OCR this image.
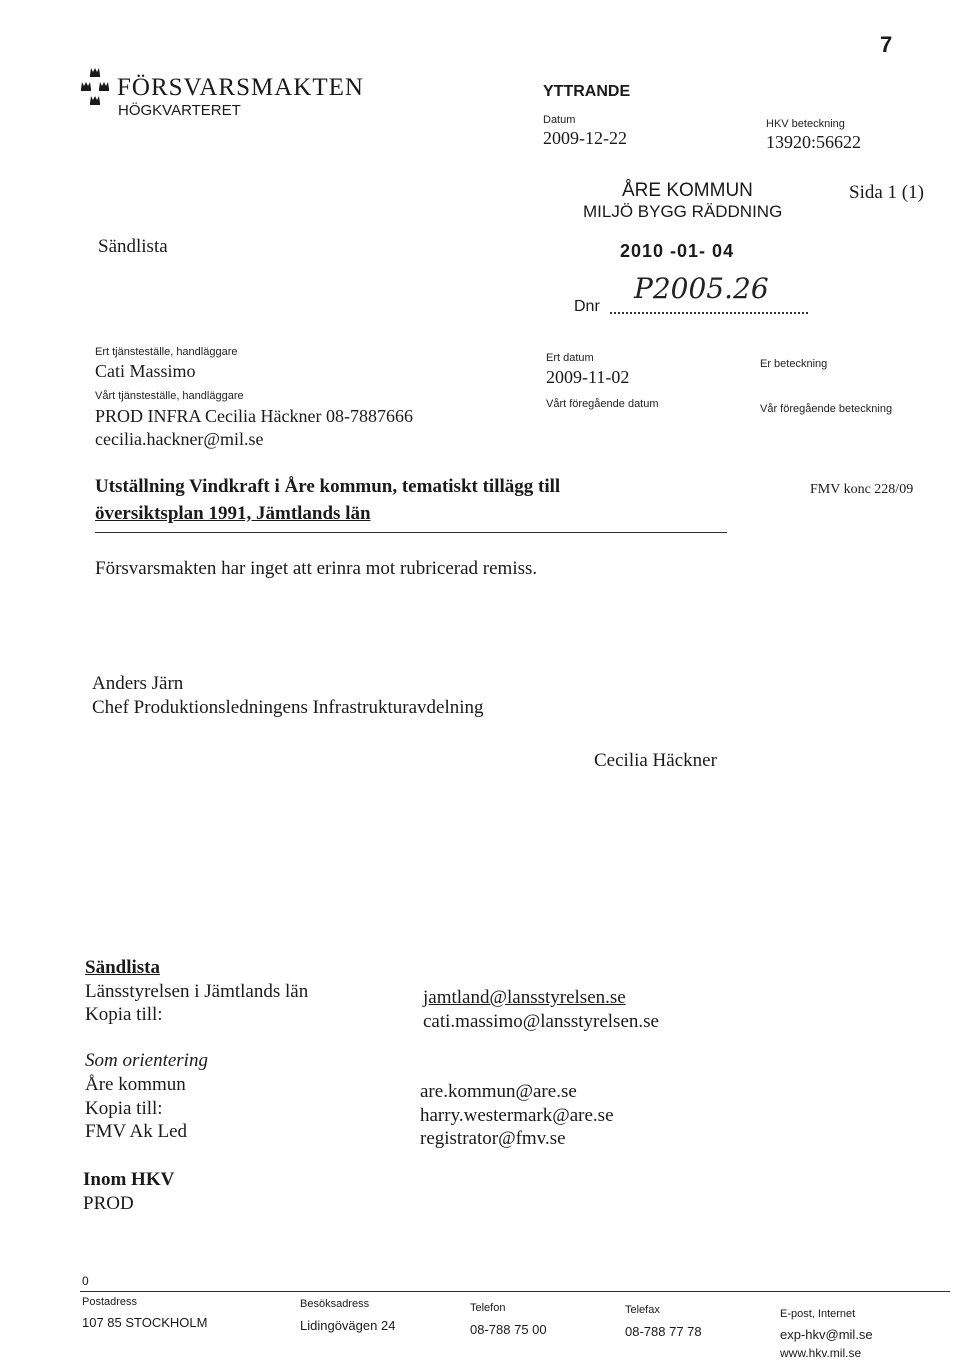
7
FÖRSVARSMAKTEN
HÖGKVARTERET
YTTRANDE
Datum
2009-12-22
HKV beteckning
13920:56622
ÅRE KOMMUN
MILJÖ BYGG RÄDDNING
2010 -01- 04
Dnr
P2005.26
Sida 1 (1)
Sändlista
Ert tjänsteställe, handläggare
Cati Massimo
Vårt tjänsteställe, handläggare
PROD INFRA Cecilia Häckner 08-7887666
cecilia.hackner@mil.se
Ert datum
2009-11-02
Vårt föregående datum
Er beteckning
Vår föregående beteckning
Utställning Vindkraft i Åre kommun, tematiskt tillägg till
översiktsplan 1991, Jämtlands län
FMV konc 228/09
Försvarsmakten har inget att erinra mot rubricerad remiss.
Anders Järn
Chef Produktionsledningens Infrastrukturavdelning
Cecilia Häckner
Sändlista
Länsstyrelsen i Jämtlands län	jamtland@lansstyrelsen.se
Kopia till:	cati.massimo@lansstyrelsen.se
Som orientering
Åre kommun	are.kommun@are.se
Kopia till:	harry.westermark@are.se
FMV Ak Led	registrator@fmv.se
Inom HKV
PROD
0
Postadress
107 85 STOCKHOLM
Besöksadress
Lidingövägen 24
Telefon
08-788 75 00
Telefax
08-788 77 78
E-post, Internet
exp-hkv@mil.se
www.hkv.mil.se
